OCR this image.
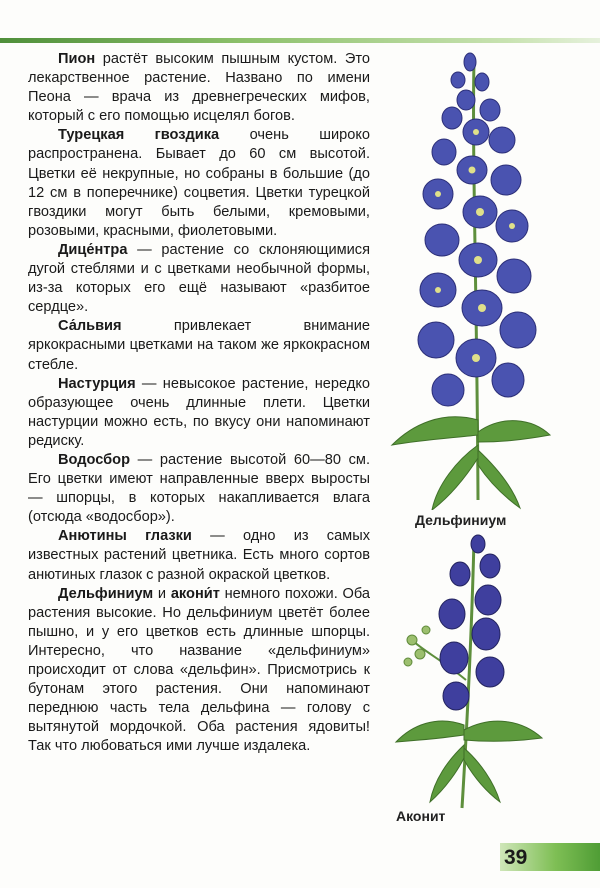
Пион растёт высоким пышным кустом. Это лекарственное растение. Названо по имени Пеона — врача из древнегреческих мифов, который с его помощью исцелял богов.

Турецкая гвоздика очень широко распространена. Бывает до 60 см высотой. Цветки её некрупные, но собраны в большие (до 12 см в поперечнике) соцветия. Цветки турецкой гвоздики могут быть белыми, кремовыми, розовыми, красными, фиолетовыми.

Дице́нтра — растение со склоняющимися дугой стеблями и с цветками необычной формы, из-за которых его ещё называют «разбитое сердце».

Са́львия привлекает внимание яркокрасными цветками на таком же яркокрасном стебле.

Настурция — невысокое растение, нередко образующее очень длинные плети. Цветки настурции можно есть, по вкусу они напоминают редиску.

Водосбор — растение высотой 60—80 см. Его цветки имеют направленные вверх выросты — шпорцы, в которых накапливается влага (отсюда «водосбор»).

Анютины глазки — одно из самых известных растений цветника. Есть много сортов анютиных глазок с разной окраской цветков.

Дельфиниум и акони́т немного похожи. Оба растения высокие. Но дельфиниум цветёт более пышно, и у его цветков есть длинные шпорцы. Интересно, что название «дельфиниум» происходит от слова «дельфин». Присмотрись к бутонам этого растения. Они напоминают переднюю часть тела дельфина — голову с вытянутой мордочкой. Оба растения ядовиты! Так что любоваться ими лучше издалека.

Дельфиниум
Аконит
39
